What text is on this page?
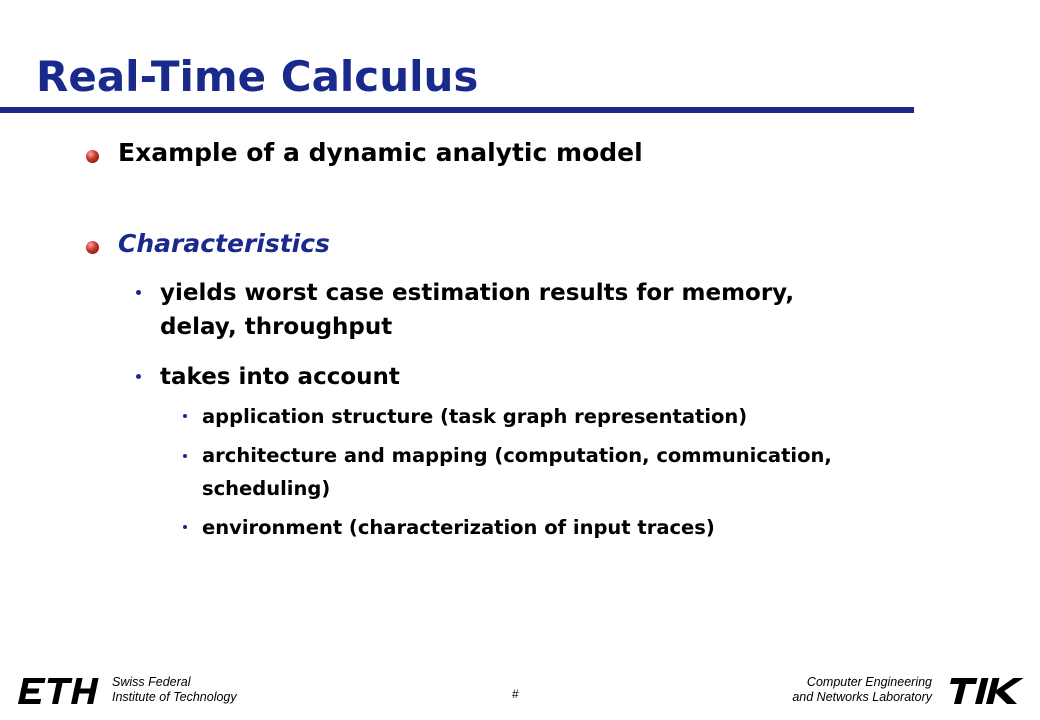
Real-Time Calculus
Example of a dynamic analytic model
Characteristics
yields worst case estimation results for memory,
delay, throughput
takes into account
application structure (task graph representation)
architecture and mapping (computation, communication,
scheduling)
environment (characterization of input traces)
Swiss Federal
Institute of Technology	#
Computer Engineering
and Networks Laboratory
